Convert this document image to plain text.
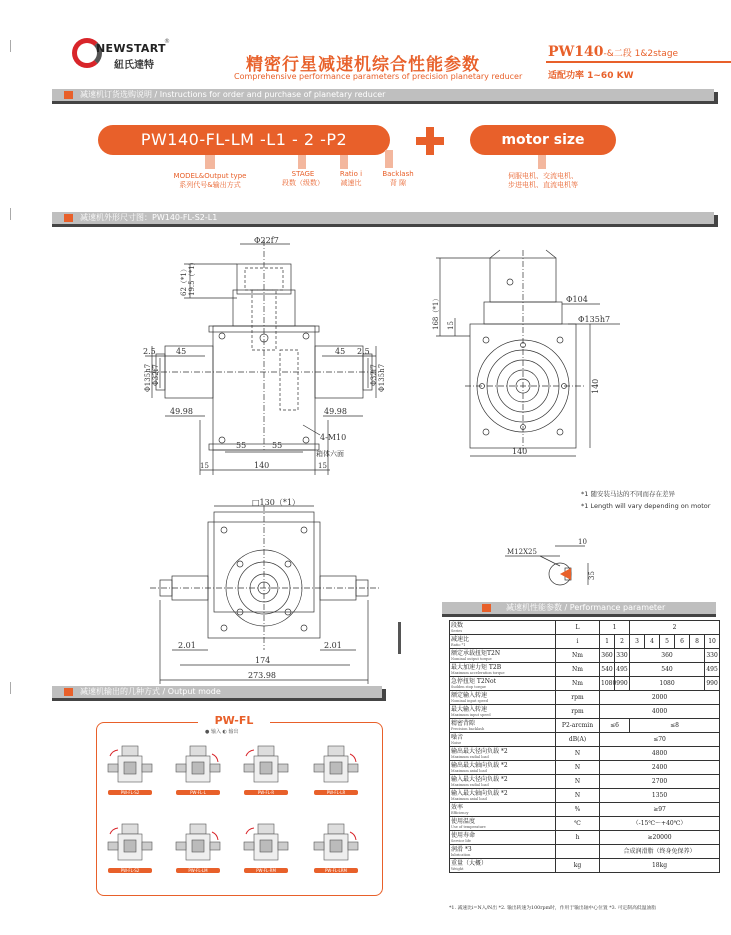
NEWSTART
®
紐氏達特	精密行星减速机综合性能参数
Comprehensive performance parameters of precision planetary reducer
PW140-&二段 1&2stage
适配功率 1~60 KW
减速机订货选购说明 / Instructions for order and purchase of planetary reducer
PW140-FL-LM -L1 - 2 -P2	motor size
MODEL&Output type
系列代号&输出方式
STAGE
段数（级数）
Ratio i
减速比
Backlash
背 隙
伺服电机、交流电机、
步进电机、直流电机等
减速机外形尺寸图：PW140-FL-S2-L1
Φ22f7
62（*1） 19.5（*1）
2.5	45	45 2.5
Φ135h7	Φ135h7
Φ32f7	Φ32f7
49.98	49.98
55	55
4-M10
箱体六面
15	140	15
168（*1） 15
Φ104
Φ135h7
140
140
□130（*1）
2.01	2.01
174
273.98
M12X25
10
35
*1 随安装马达的不同而存在差异
*1 Length will vary depending on motor
减速机输出的几种方式 / Output mode
PW-FL
● 输入 ◐ 输出
PW-FL-S2	PW-FL-L	PW-FL-R	PW-FL-LR
PW-FL-S2	PW-FL-LM	PW-FL-RM	PW-FL-LRM
减速机性能参数 / Performance parameter
段数
Series	L	1		2					
减速比
Ratio *1	i	1	2	3	4	5	6	8	10
额定承载扭矩T2N
Nominal output torque	Nm	360	330	360					330
最大加速力矩 T2B
Maximum acceleration torque	Nm	540	495	540					495
急停扭矩 T2Not
Sudden stop torque	Nm	1080	990	1080					990
额定输入转速
Nominal input speed	rpm	2000							
最大输入转速
Maximum input speed	rpm	4000							
精密背隙
Precision backlash	P2-arcmin	≤6		≤8					
噪音
Noise	dB(A)	≤70							
输出最大径向负载 *2
Maximum radial load	N	4800							
输出最大轴向负载 *2
Maximum axial load	N	2400							
输入最大径向负载 *2
Maximum radial load	N	2700							
输入最大轴向负载 *2
Maximum axial load	N	1350							
效率
Efficiency	%	≥97							
使用温度
Use of temperature	℃	（-15℃～+40℃）							
使用寿命
Service life	h	≥20000							
润滑 *3
lubrication		合成润滑脂（终身免保养）							
重量（大概）
Weight	kg	18kg							
*1. 减速比i=N入/N出 *2. 输出转速为100rpm时，作用于输出轴中心位置 *3. 可定制高低温油脂
